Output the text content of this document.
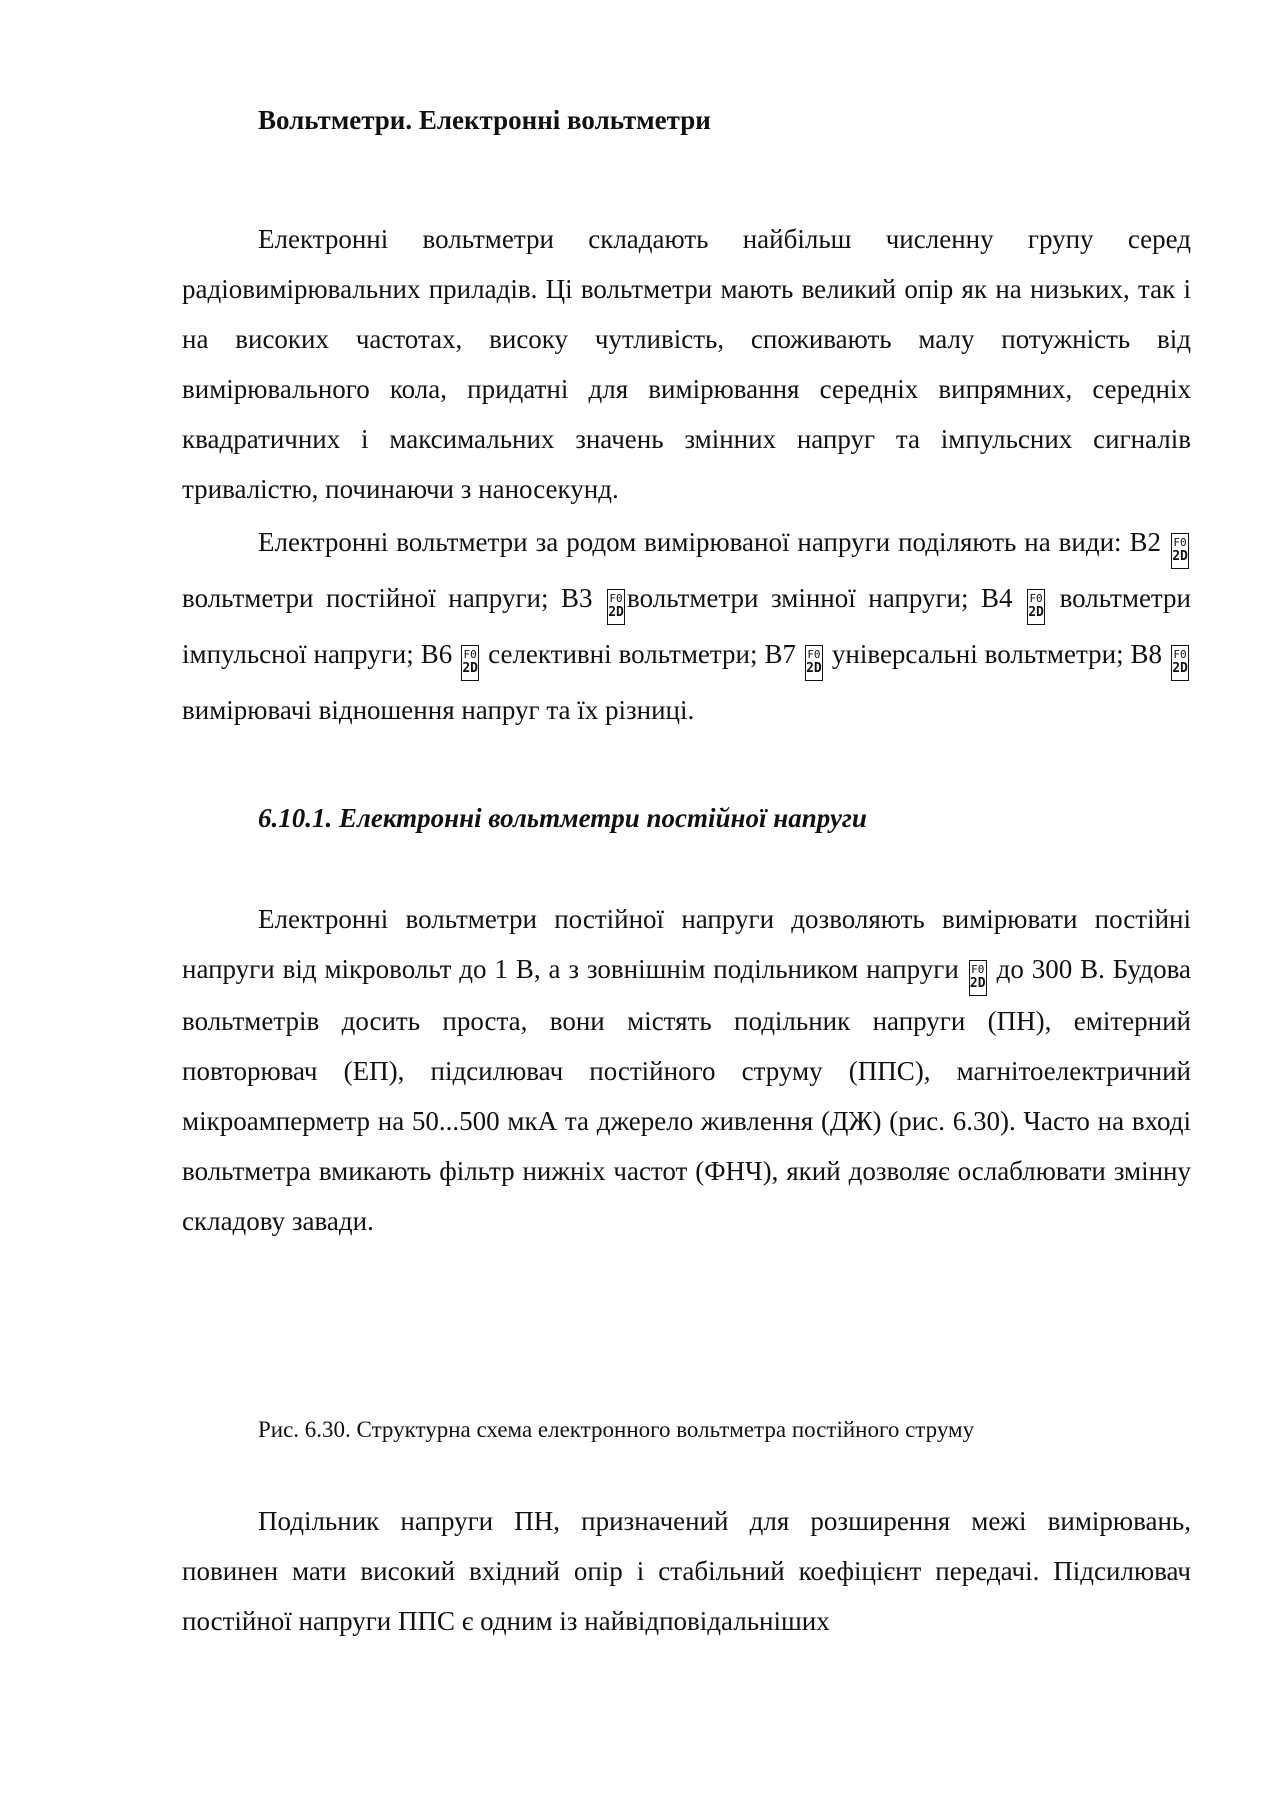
Вольтметри. Електронні вольтметри

Електронні вольтметри складають найбільш численну групу серед радіовимірювальних приладів. Ці вольтметри мають великий опір як на низьких, так і на високих частотах, високу чутливість, споживають малу потужність від вимірювального кола, придатні для вимірювання середніх випрямних, середніх квадратичних і максимальних значень змінних напруг та імпульсних сигналів тривалістю, починаючи з наносекунд.

Електронні вольтметри за родом вимірюваної напруги поділяють на види: В2 F0
2D
вольтметри постійної напруги; В3 F0
2D вольтметри змінної напруги; В4 F0
2D вольтметри імпульсної напруги; В6 F0
2D селективні вольтметри; В7 F0
2D універсальні вольтметри; В8 F0
2D
вимірювачі відношення напруг та їх різниці.

6.10.1. Електронні вольтметри постійної напруги

Електронні вольтметри постійної напруги дозволяють вимірювати постійні напруги від мікровольт до 1 В, а з зовнішнім подільником напруги F0
2D до 300 В. Будова вольтметрів досить проста, вони містять подільник напруги (ПН), емітерний повторювач (ЕП), підсилювач постійного струму (ППС), магнітоелектричний мікроамперметр на 50...500 мкА та джерело живлення (ДЖ) (рис. 6.30). Часто на вході вольтметра вмикають фільтр нижніх частот (ФНЧ), який дозволяє ослаблювати змінну складову завади.

Рис. 6.30. Структурна схема електронного вольтметра постійного струму

Подільник напруги ПН, призначений для розширення межі вимірювань, повинен мати високий вхідний опір і стабільний коефіцієнт передачі. Підсилювач постійної напруги ППС є одним із найвідповідальніших
